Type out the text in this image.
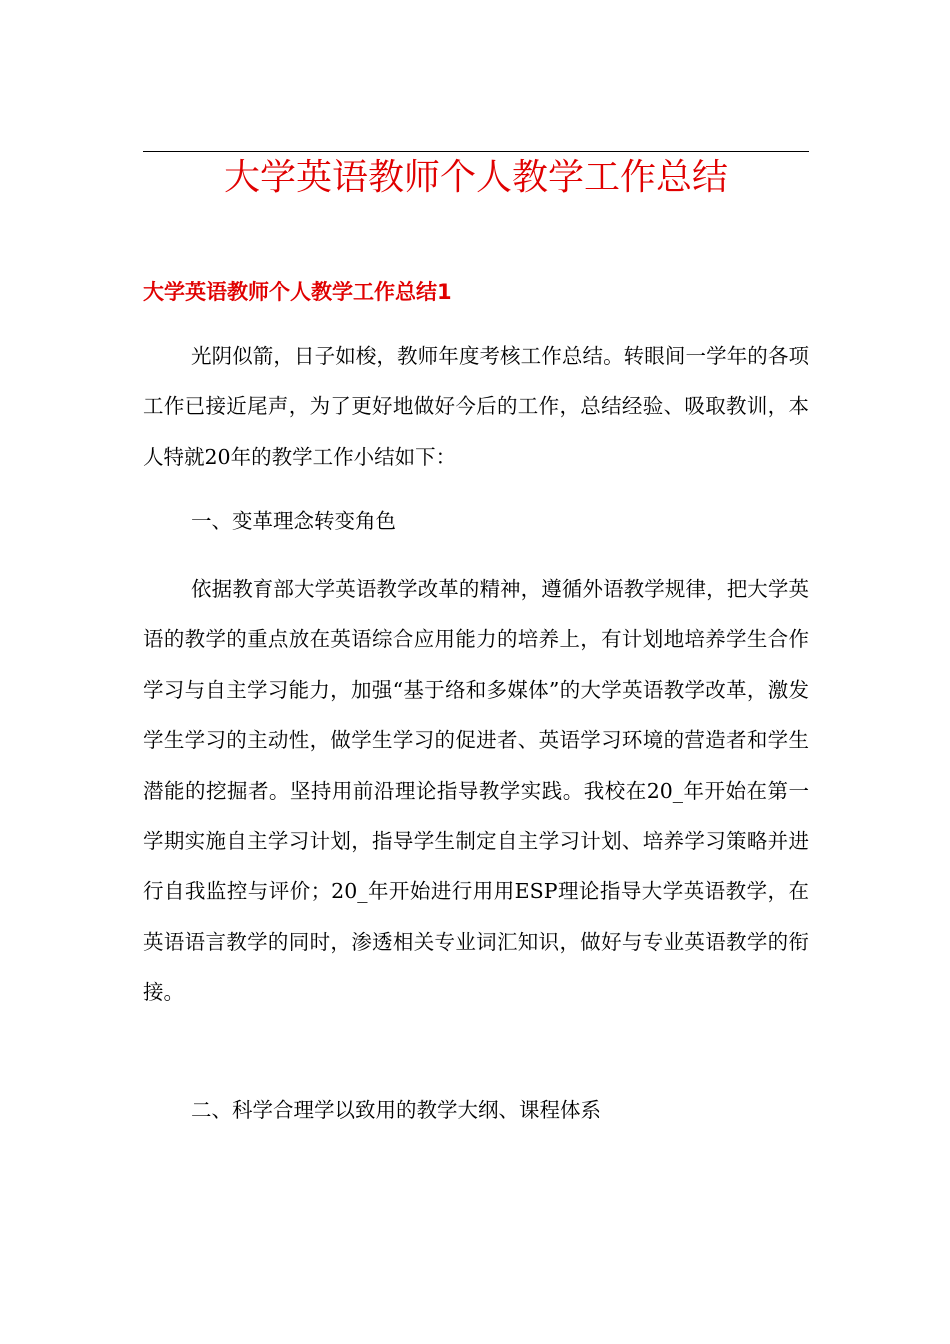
大学英语教师个人教学工作总结
大学英语教师个人教学工作总结1

光阴似箭，日子如梭，教师年度考核工作总结。转眼间一学年的各项工作已接近尾声，为了更好地做好今后的工作，总结经验、吸取教训，本人特就20年的教学工作小结如下：

一、变革理念转变角色

依据教育部大学英语教学改革的精神，遵循外语教学规律，把大学英语的教学的重点放在英语综合应用能力的培养上，有计划地培养学生合作学习与自主学习能力，加强“基于络和多媒体”的大学英语教学改革，激发学生学习的主动性，做学生学习的促进者、英语学习环境的营造者和学生潜能的挖掘者。坚持用前沿理论指导教学实践。我校在20_年开始在第一学期实施自主学习计划，指导学生制定自主学习计划、培养学习策略并进行自我监控与评价；20_年开始进行用用ESP理论指导大学英语教学，在英语语言教学的同时，渗透相关专业词汇知识，做好与专业英语教学的衔接。

二、科学合理学以致用的教学大纲、课程体系
